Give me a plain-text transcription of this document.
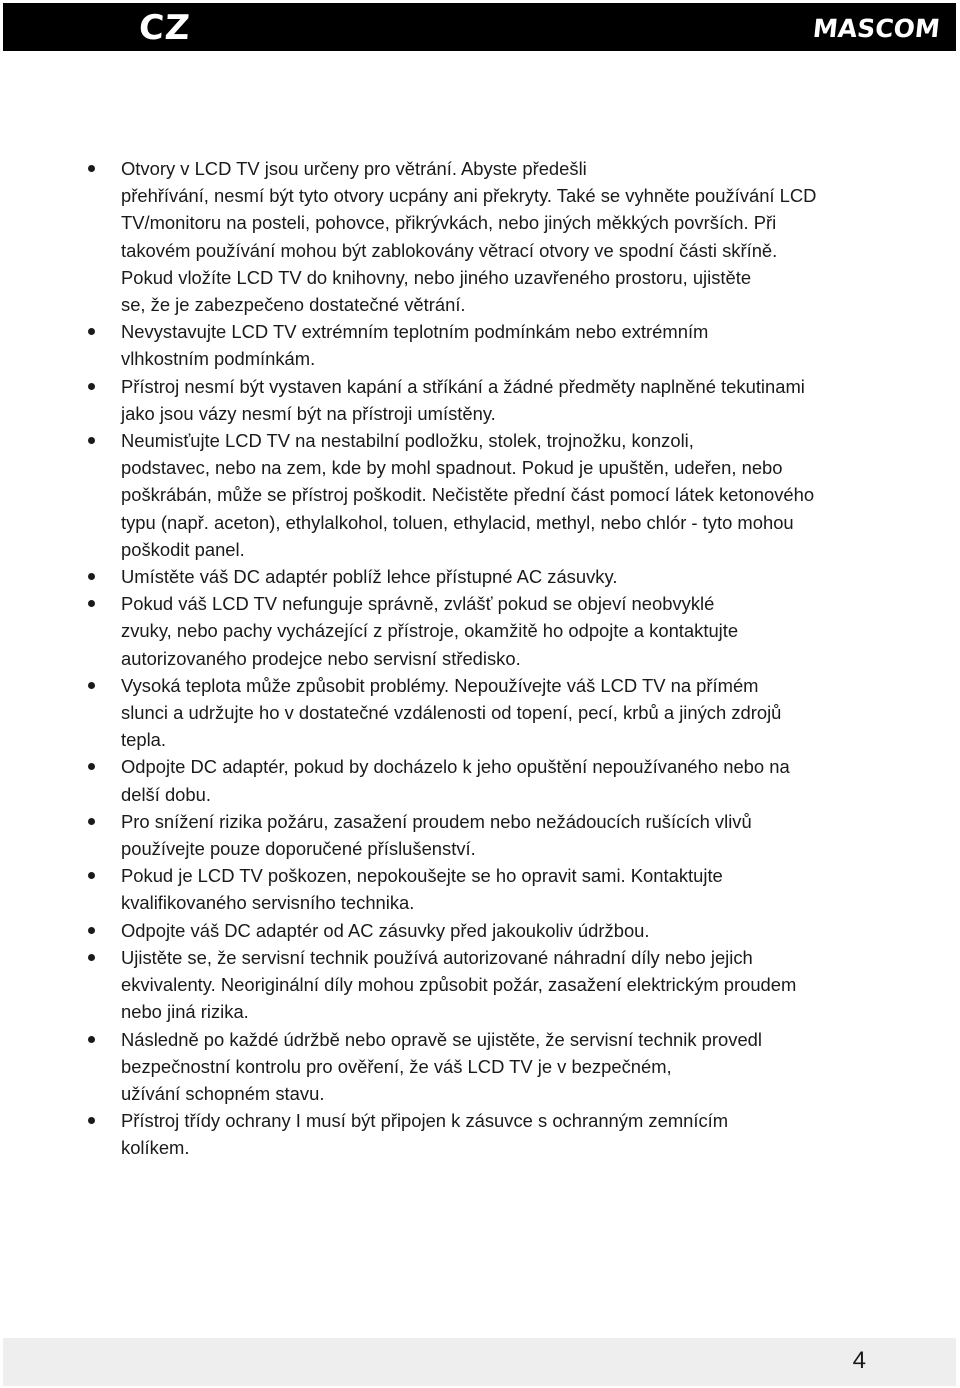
CZ	MASCOM
Otvory v LCD TV jsou určeny pro větrání. Abyste předešli
přehřívání, nesmí být tyto otvory ucpány ani překryty. Také se vyhněte používání LCD
TV/monitoru na posteli, pohovce, přikrývkách, nebo jiných měkkých površích. Při
takovém používání mohou být zablokovány větrací otvory ve spodní části skříně.
Pokud vložíte LCD TV do knihovny, nebo jiného uzavřeného prostoru, ujistěte
se, že je zabezpečeno dostatečné větrání.
Nevystavujte LCD TV extrémním teplotním podmínkám nebo extrémním
vlhkostním podmínkám.
Přístroj nesmí být vystaven kapání a stříkání a žádné předměty naplněné tekutinami
jako jsou vázy nesmí být na přístroji umístěny.
Neumisťujte LCD TV na nestabilní podložku, stolek, trojnožku, konzoli,
podstavec, nebo na zem, kde by mohl spadnout. Pokud je upuštěn, udeřen, nebo
poškrábán, může se přístroj poškodit. Nečistěte přední část pomocí látek ketonového
typu (např. aceton), ethylalkohol, toluen, ethylacid, methyl, nebo chlór - tyto mohou
poškodit panel.
Umístěte váš DC adaptér poblíž lehce přístupné AC zásuvky.
Pokud váš LCD TV nefunguje správně, zvlášť pokud se objeví neobvyklé
zvuky, nebo pachy vycházející z přístroje, okamžitě ho odpojte a kontaktujte
autorizovaného prodejce nebo servisní středisko.
Vysoká teplota může způsobit problémy. Nepoužívejte váš LCD TV na přímém
slunci a udržujte ho v dostatečné vzdálenosti od topení, pecí, krbů a jiných zdrojů
tepla.
Odpojte DC adaptér, pokud by docházelo k jeho opuštění nepoužívaného nebo na
delší dobu.
Pro snížení rizika požáru, zasažení proudem nebo nežádoucích rušících vlivů
používejte pouze doporučené příslušenství.
Pokud je LCD TV poškozen, nepokoušejte se ho opravit sami. Kontaktujte
kvalifikovaného servisního technika.
Odpojte váš DC adaptér od AC zásuvky před jakoukoliv údržbou.
Ujistěte se, že servisní technik používá autorizované náhradní díly nebo jejich
ekvivalenty. Neoriginální díly mohou způsobit požár, zasažení elektrickým proudem
nebo jiná rizika.
Následně po každé údržbě nebo opravě se ujistěte, že servisní technik provedl
bezpečnostní kontrolu pro ověření, že váš LCD TV je v bezpečném,
užívání schopném stavu.
Přístroj třídy ochrany I musí být připojen k zásuvce s ochranným zemnícím
kolíkem.
4
